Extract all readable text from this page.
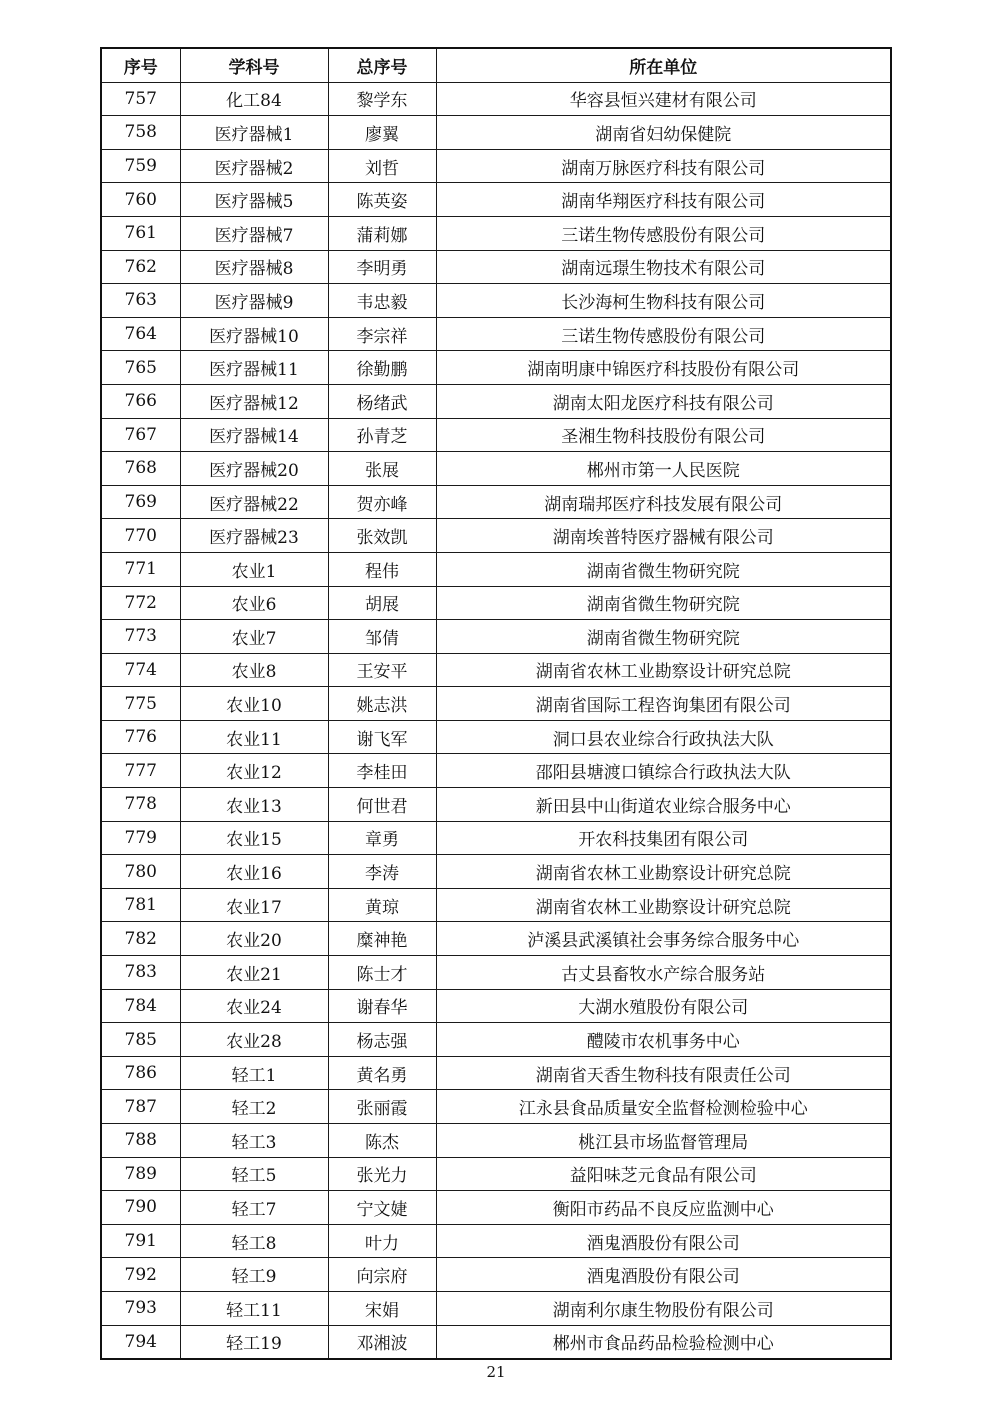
序号	学科号	总序号	所在单位
757	化工84	黎学东	华容县恒兴建材有限公司
758	医疗器械1	廖翼	湖南省妇幼保健院
759	医疗器械2	刘哲	湖南万脉医疗科技有限公司
760	医疗器械5	陈英姿	湖南华翔医疗科技有限公司
761	医疗器械7	蒲莉娜	三诺生物传感股份有限公司
762	医疗器械8	李明勇	湖南远璟生物技术有限公司
763	医疗器械9	韦忠毅	长沙海柯生物科技有限公司
764	医疗器械10	李宗祥	三诺生物传感股份有限公司
765	医疗器械11	徐勤鹏	湖南明康中锦医疗科技股份有限公司
766	医疗器械12	杨绪武	湖南太阳龙医疗科技有限公司
767	医疗器械14	孙青芝	圣湘生物科技股份有限公司
768	医疗器械20	张展	郴州市第一人民医院
769	医疗器械22	贺亦峰	湖南瑞邦医疗科技发展有限公司
770	医疗器械23	张效凯	湖南埃普特医疗器械有限公司
771	农业1	程伟	湖南省微生物研究院
772	农业6	胡展	湖南省微生物研究院
773	农业7	邹倩	湖南省微生物研究院
774	农业8	王安平	湖南省农林工业勘察设计研究总院
775	农业10	姚志洪	湖南省国际工程咨询集团有限公司
776	农业11	谢飞军	洞口县农业综合行政执法大队
777	农业12	李桂田	邵阳县塘渡口镇综合行政执法大队
778	农业13	何世君	新田县中山街道农业综合服务中心
779	农业15	章勇	开农科技集团有限公司
780	农业16	李涛	湖南省农林工业勘察设计研究总院
781	农业17	黄琼	湖南省农林工业勘察设计研究总院
782	农业20	糜神艳	泸溪县武溪镇社会事务综合服务中心
783	农业21	陈士才	古丈县畜牧水产综合服务站
784	农业24	谢春华	大湖水殖股份有限公司
785	农业28	杨志强	醴陵市农机事务中心
786	轻工1	黄名勇	湖南省天香生物科技有限责任公司
787	轻工2	张丽霞	江永县食品质量安全监督检测检验中心
788	轻工3	陈杰	桃江县市场监督管理局
789	轻工5	张光力	益阳味芝元食品有限公司
790	轻工7	宁文婕	衡阳市药品不良反应监测中心
791	轻工8	叶力	酒鬼酒股份有限公司
792	轻工9	向宗府	酒鬼酒股份有限公司
793	轻工11	宋娟	湖南利尔康生物股份有限公司
794	轻工19	邓湘波	郴州市食品药品检验检测中心
21
